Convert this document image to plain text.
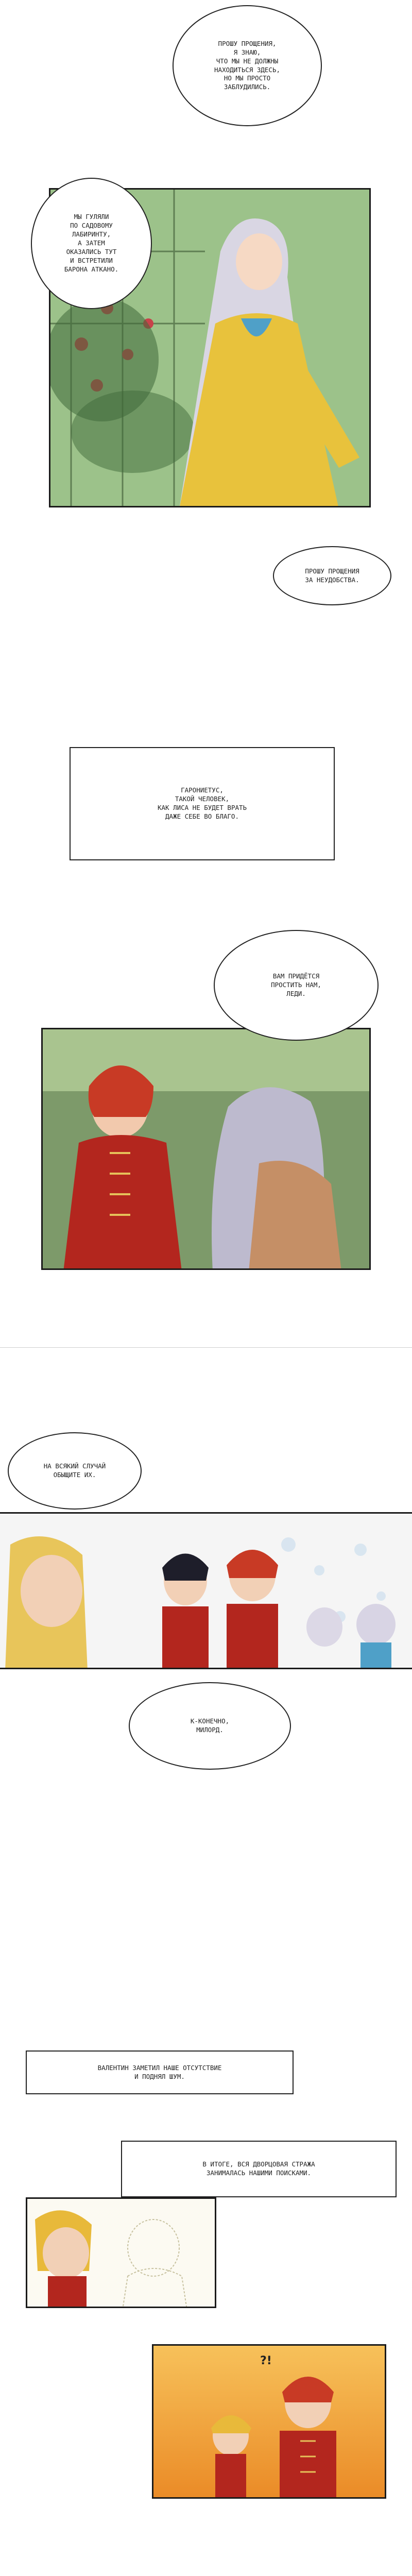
ПРОШУ ПРОЩЕНИЯ,
Я ЗНАЮ,
ЧТО МЫ НЕ ДОЛЖНЫ
НАХОДИТЬСЯ ЗДЕСЬ,
НО МЫ ПРОСТО
ЗАБЛУДИЛИСЬ.
МЫ ГУЛЯЛИ
ПО САДОВОМУ
ЛАБИРИНТУ,
А ЗАТЕМ
ОКАЗАЛИСЬ ТУТ
И ВСТРЕТИЛИ
БАРОНА АТКАНО.
ПРОШУ ПРОЩЕНИЯ
ЗА НЕУДОБСТВА.
ГАРОНИЕТУС,
ТАКОЙ ЧЕЛОВЕК,
КАК ЛИСА НЕ БУДЕТ ВРАТЬ
ДАЖЕ СЕБЕ ВО БЛАГО.
ВАМ ПРИДЁТСЯ
ПРОСТИТЬ НАМ,
ЛЕДИ.
НА ВСЯКИЙ СЛУЧАЙ
ОБЫЩИТЕ ИХ.
К-КОНЕЧНО,
МИЛОРД.
ВАЛЕНТИН ЗАМЕТИЛ НАШЕ ОТСУТСТВИЕ
И ПОДНЯЛ ШУМ.
В ИТОГЕ, ВСЯ ДВОРЦОВАЯ СТРАЖА
ЗАНИМАЛАСЬ НАШИМИ ПОИСКАМИ.
?!
